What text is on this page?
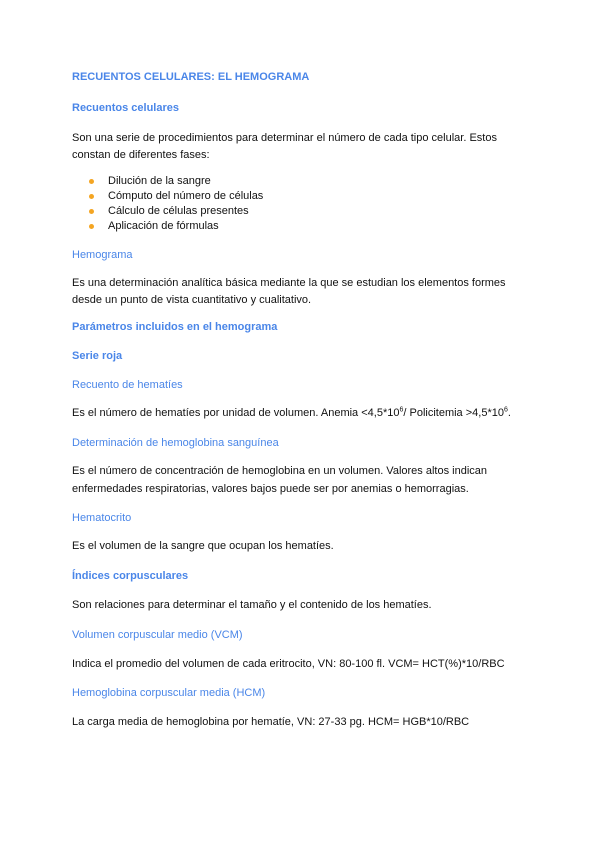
RECUENTOS CELULARES: EL HEMOGRAMA
Recuentos celulares
Son una serie de procedimientos para determinar el número de cada tipo celular. Estos
constan de diferentes fases:
Dilución de la sangre
Cómputo del número de células
Cálculo de células presentes
Aplicación de fórmulas
Hemograma
Es una determinación analítica básica mediante la que se estudian los elementos formes
desde un punto de vista cuantitativo y cualitativo.
Parámetros incluidos en el hemograma
Serie roja
Recuento de hematíes
Es el número de hematíes por unidad de volumen. Anemia $<4,5*10^6/$ Policitemia $>4,5*10^6$.
Determinación de hemoglobina sanguínea
Es el número de concentración de hemoglobina en un volumen. Valores altos indican
enfermedades respiratorias, valores bajos puede ser por anemias o hemorragias.
Hematocrito
Es el volumen de la sangre que ocupan los hematíes.
Índices corpusculares
Son relaciones para determinar el tamaño y el contenido de los hematíes.
Volumen corpuscular medio (VCM)
Indica el promedio del volumen de cada eritrocito, VN: 80-100 fl. VCM= HCT(%)*10/RBC
Hemoglobina corpuscular media (HCM)
La carga media de hemoglobina por hematíe, VN: 27-33 pg. HCM= HGB*10/RBC
